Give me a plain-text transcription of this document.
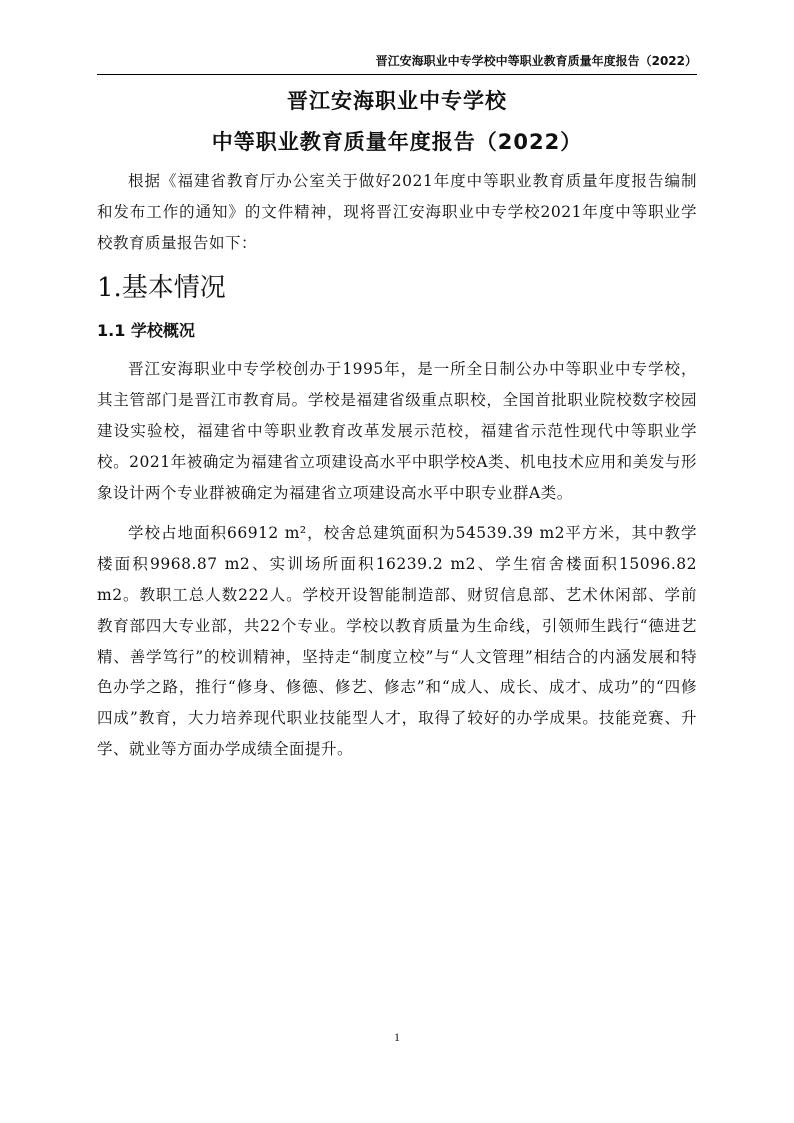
晋江安海职业中专学校中等职业教育质量年度报告（2022）
晋江安海职业中专学校
中等职业教育质量年度报告（2022）

根据《福建省教育厅办公室关于做好2021年度中等职业教育质量年度报告编制和发布工作的通知》的文件精神，现将晋江安海职业中专学校2021年度中等职业学校教育质量报告如下：

1.基本情况
1.1 学校概况

晋江安海职业中专学校创办于1995年，是一所全日制公办中等职业中专学校，其主管部门是晋江市教育局。学校是福建省级重点职校，全国首批职业院校数字校园建设实验校，福建省中等职业教育改革发展示范校，福建省示范性现代中等职业学校。2021年被确定为福建省立项建设高水平中职学校A类、机电技术应用和美发与形象设计两个专业群被确定为福建省立项建设高水平中职专业群A类。

学校占地面积66912 m²，校舍总建筑面积为54539.39 m2平方米，其中教学楼面积9968.87 m2、实训场所面积16239.2 m2、学生宿舍楼面积15096.82 m2。教职工总人数222人。学校开设智能制造部、财贸信息部、艺术休闲部、学前教育部四大专业部，共22个专业。学校以教育质量为生命线，引领师生践行“德进艺精、善学笃行”的校训精神，坚持走“制度立校”与“人文管理”相结合的内涵发展和特色办学之路，推行“修身、修德、修艺、修志”和“成人、成长、成才、成功”的“四修四成”教育，大力培养现代职业技能型人才，取得了较好的办学成果。技能竞赛、升学、就业等方面办学成绩全面提升。

1
